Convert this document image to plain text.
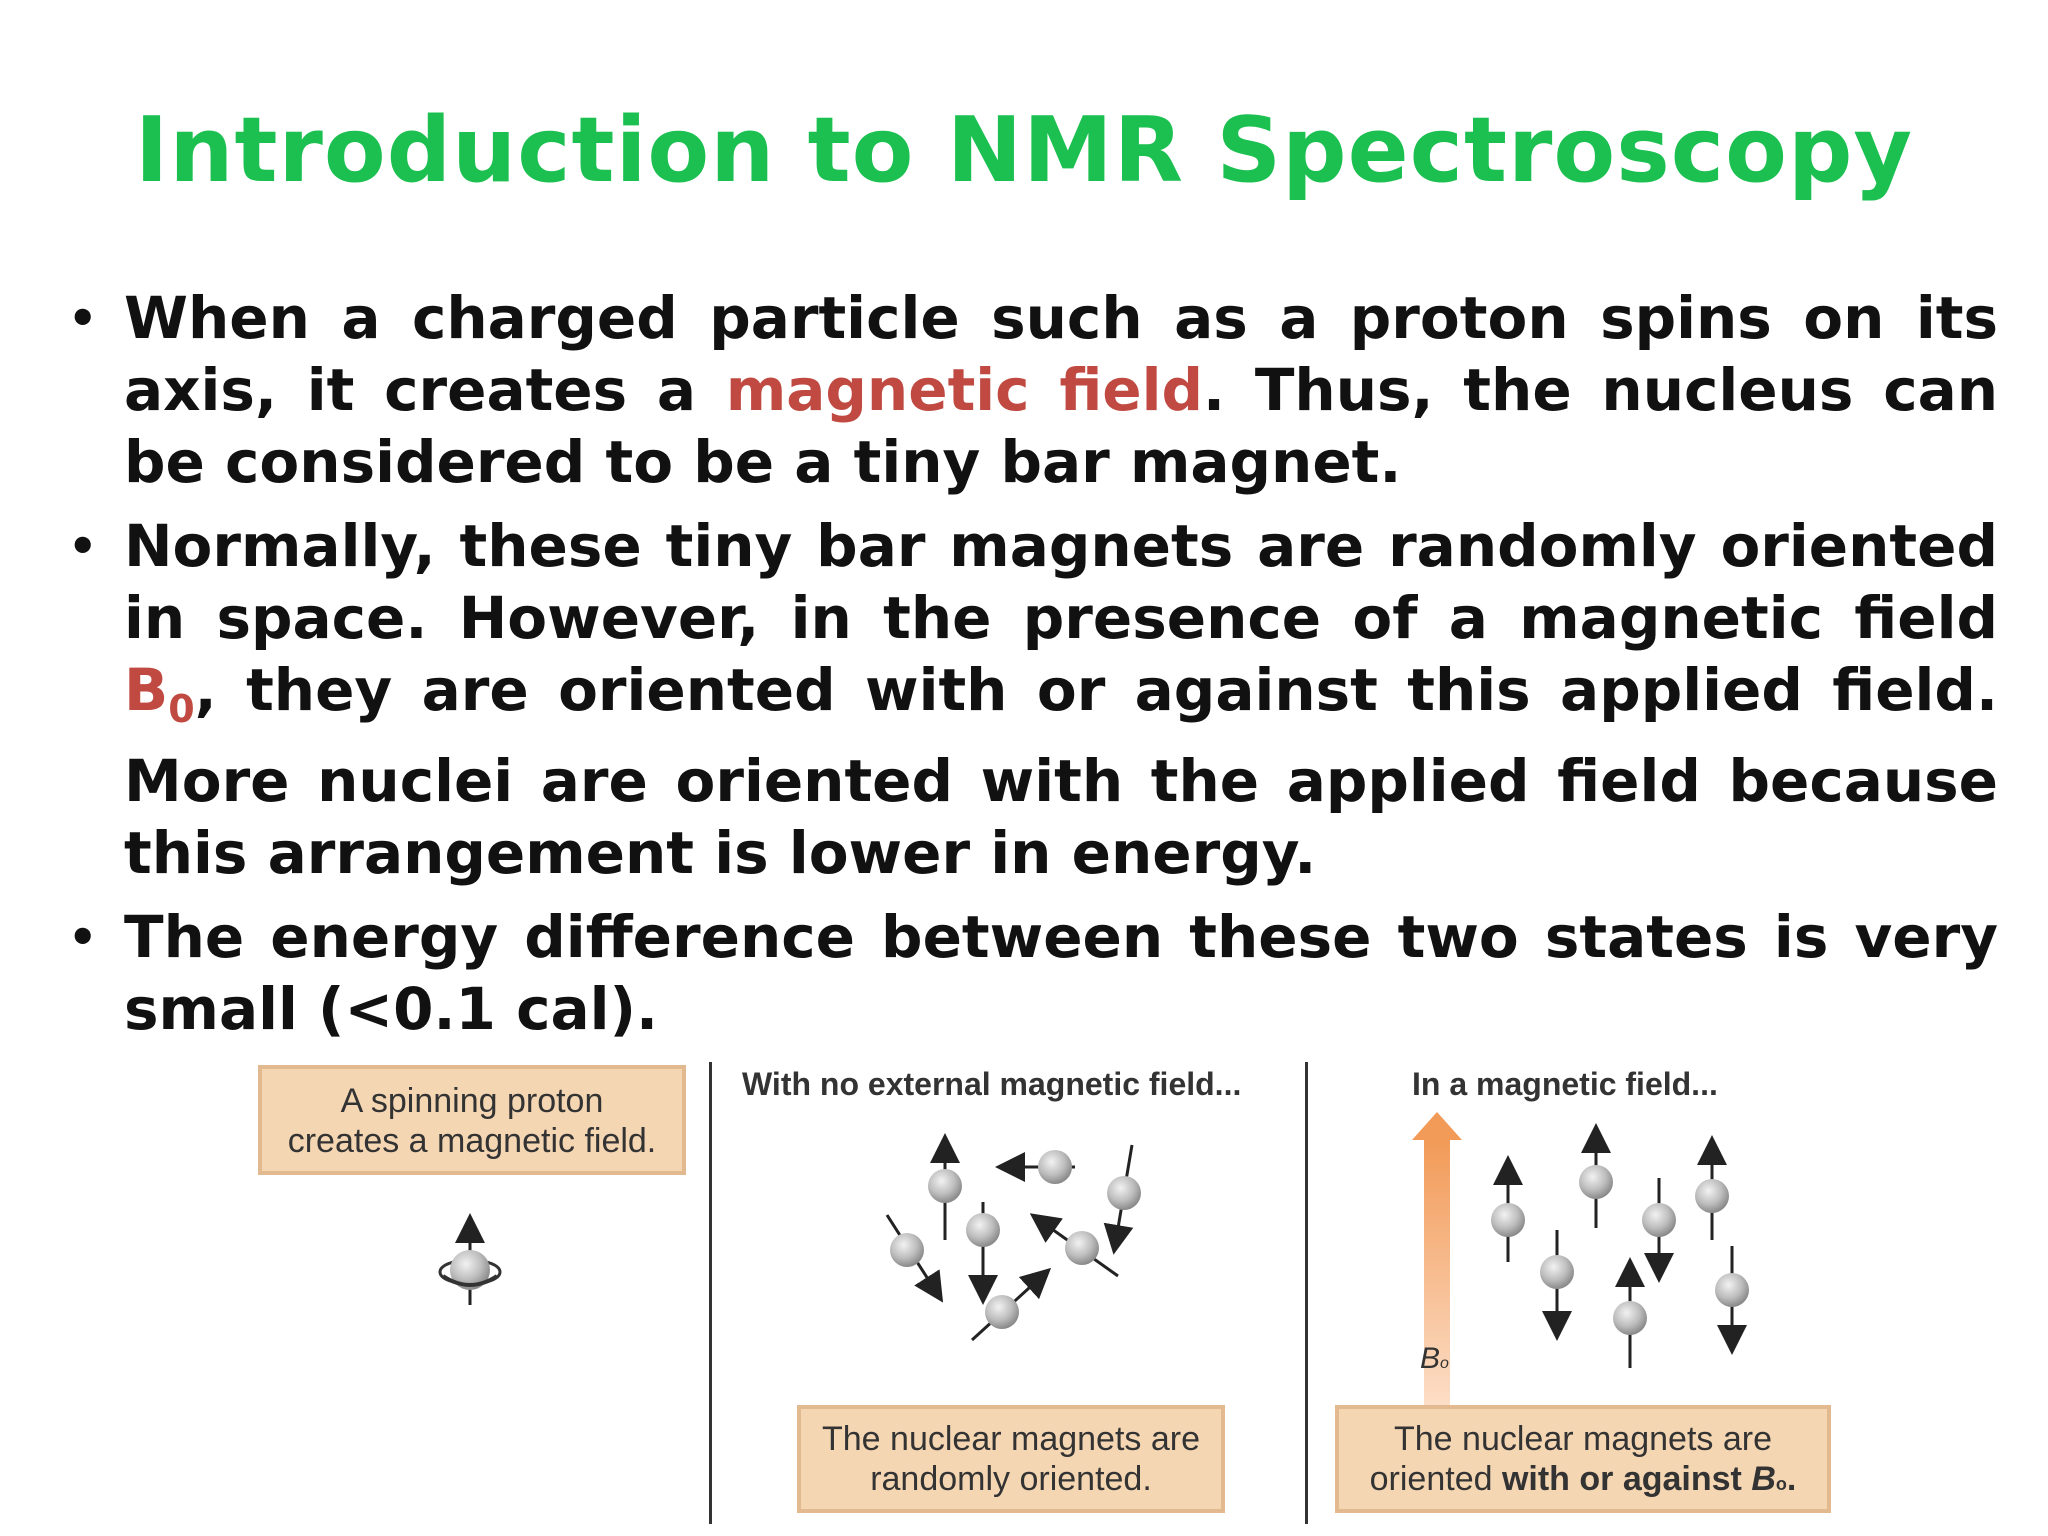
Introduction to NMR Spectroscopy
• When a charged particle such as a proton spins on its axis, it creates a magnetic field. Thus, the nucleus can be considered to be a tiny bar magnet.
• Normally, these tiny bar magnets are randomly oriented in space. However, in the presence of a magnetic field $B_0$, they are oriented with or against this applied field. More nuclei are oriented with the applied field because this arrangement is lower in energy.
• The energy difference between these two states is very small (<0.1 cal).
A spinning proton
creates a magnetic field.
With no external magnetic field...	In a magnetic field...
Bo
The nuclear magnets are
randomly oriented.
The nuclear magnets are
oriented with or against Bo.
